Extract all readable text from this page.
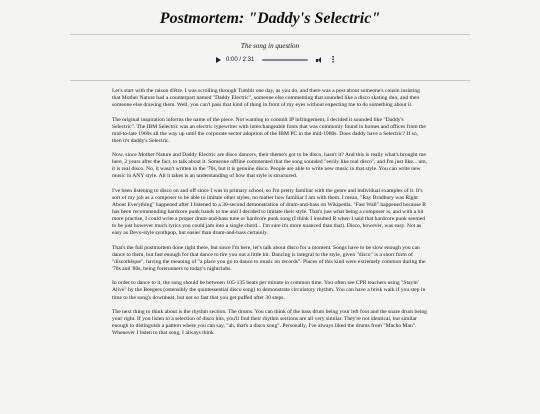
Postmortem: "Daddy's Selectric"
The song in question
0:00 / 2:31	⋮

Let's start with the raison d'être. I was scrolling through Tumblr one day, as you do, and there was a post about someone's cousin insisting that Mother Nature had a counterpart named "Daddy Electric", someone else commenting that sounded like a disco skating duo, and then someone else drawing them. Well, you can't pass that kind of thing in front of my eyes without expecting me to do something about it.

The original inspiration informs the name of the piece. Not wanting to commit IP infringement, I decided it sounded like "Daddy's Selectric". The IBM Selectric was an electric typewriter with interchangeable fonts that was commonly found in homes and offices from the mid-to-late 1960s all the way up until the corporate sector adoption of the IBM PC in the mid-1980s. Does daddy have a Selectric? If so, then it's daddy's Selectric.

Now, since Mother Nature and Daddy Electric are disco dancers, their theme's got to be disco, hasn't it? And this is really what's brought me here, 2 years after the fact, to talk about it. Someone offline commented that the song sounded "eerily like real disco", and I'm just like... um, it is real disco. No, it wasn't written in the '70s, but it is genuine disco. People are able to write new music in that style. You can write new music in ANY style. All it takes is an understanding of how that style is structured.

I've been listening to disco on and off since I was in primary school, so I'm pretty familiar with the genre and individual examples of it. It's sort of my job as a composer to be able to imitate other styles, no matter how familiar I am with them. I mean, "Ray Bradbury was Right About Everything" happened after I listened to a 30-second demonstration of drum-and-bass on Wikipedia. "Fast Wall" happened because R has been recommending hardcore punk bands to me and I decided to imitate their style. That's just what being a composer is, and with a bit more practise, I could write a proper drum-and-bass tune or hardcore punk song (I think I insulted R when I said that hardcore punk seemed to be just however much lyrics you could jam into a single chord... I'm sure it's more nuanced than that). Disco, however, was easy. Not as easy as Devo-style synthpop, but easier than drum-and-bass certainly.

That's the full postmortem done right there, but since I'm here, let's talk about disco for a moment. Songs have to be slow enough you can dance to them, but fast enough for that dance to tire you out a little bit. Dancing is integral to the style, given "disco" is a short form of "discothèque", having the meaning of "a place you go to dance to music on records". Places of this kind were extremely common during the '70s and '80s, being forerunners to today's nightclubs.

In order to dance to it, the song should be between 105-135 beats per minute in common time. You often see CPR teachers using "Stayin' Alive" by the Beegees (ostensibly the quintessential disco song) to demonstrate circulatory rhythm. You can have a brisk walk if you step in time to the song's downbeat, but not so fast that you get puffed after 30 steps.

The next thing to think about is the rhythm section. The drums. You can think of the bass drum being your left foot and the snare drum being your right. If you listen to a selection of disco hits, you'll find their rhythm sections are all very similar. They're not identical, but similar enough to distinguish a pattern where you can say, "ah, that's a disco song". Personally, I've always liked the drums from "Macho Man". Whenever I listen to that song, I always think
